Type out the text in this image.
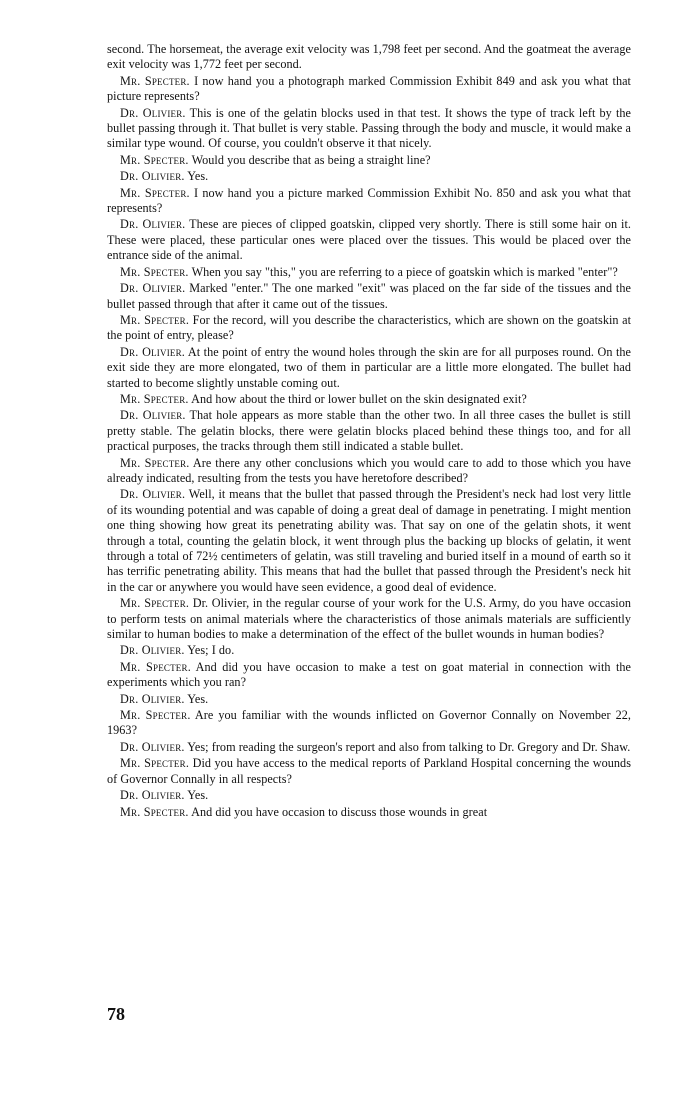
second. The horsemeat, the average exit velocity was 1,798 feet per second. And the goatmeat the average exit velocity was 1,772 feet per second.

Mr. Specter. I now hand you a photograph marked Commission Exhibit 849 and ask you what that picture represents?

Dr. Olivier. This is one of the gelatin blocks used in that test. It shows the type of track left by the bullet passing through it. That bullet is very stable. Passing through the body and muscle, it would make a similar type wound. Of course, you couldn't observe it that nicely.

Mr. Specter. Would you describe that as being a straight line?

Dr. Olivier. Yes.

Mr. Specter. I now hand you a picture marked Commission Exhibit No. 850 and ask you what that represents?

Dr. Olivier. These are pieces of clipped goatskin, clipped very shortly. There is still some hair on it. These were placed, these particular ones were placed over the tissues. This would be placed over the entrance side of the animal.

Mr. Specter. When you say "this," you are referring to a piece of goatskin which is marked "enter"?

Dr. Olivier. Marked "enter." The one marked "exit" was placed on the far side of the tissues and the bullet passed through that after it came out of the tissues.

Mr. Specter. For the record, will you describe the characteristics, which are shown on the goatskin at the point of entry, please?

Dr. Olivier. At the point of entry the wound holes through the skin are for all purposes round. On the exit side they are more elongated, two of them in particular are a little more elongated. The bullet had started to become slightly unstable coming out.

Mr. Specter. And how about the third or lower bullet on the skin designated exit?

Dr. Olivier. That hole appears as more stable than the other two. In all three cases the bullet is still pretty stable. The gelatin blocks, there were gelatin blocks placed behind these things too, and for all practical purposes, the tracks through them still indicated a stable bullet.

Mr. Specter. Are there any other conclusions which you would care to add to those which you have already indicated, resulting from the tests you have heretofore described?

Dr. Olivier. Well, it means that the bullet that passed through the President's neck had lost very little of its wounding potential and was capable of doing a great deal of damage in penetrating. I might mention one thing showing how great its penetrating ability was. That say on one of the gelatin shots, it went through a total, counting the gelatin block, it went through plus the backing up blocks of gelatin, it went through a total of 72½ centimeters of gelatin, was still traveling and buried itself in a mound of earth so it has terrific penetrating ability. This means that had the bullet that passed through the President's neck hit in the car or anywhere you would have seen evidence, a good deal of evidence.

Mr. Specter. Dr. Olivier, in the regular course of your work for the U.S. Army, do you have occasion to perform tests on animal materials where the characteristics of those animals materials are sufficiently similar to human bodies to make a determination of the effect of the bullet wounds in human bodies?

Dr. Olivier. Yes; I do.

Mr. Specter. And did you have occasion to make a test on goat material in connection with the experiments which you ran?

Dr. Olivier. Yes.

Mr. Specter. Are you familiar with the wounds inflicted on Governor Connally on November 22, 1963?

Dr. Olivier. Yes; from reading the surgeon's report and also from talking to Dr. Gregory and Dr. Shaw.

Mr. Specter. Did you have access to the medical reports of Parkland Hospital concerning the wounds of Governor Connally in all respects?

Dr. Olivier. Yes.

Mr. Specter. And did you have occasion to discuss those wounds in great

78
